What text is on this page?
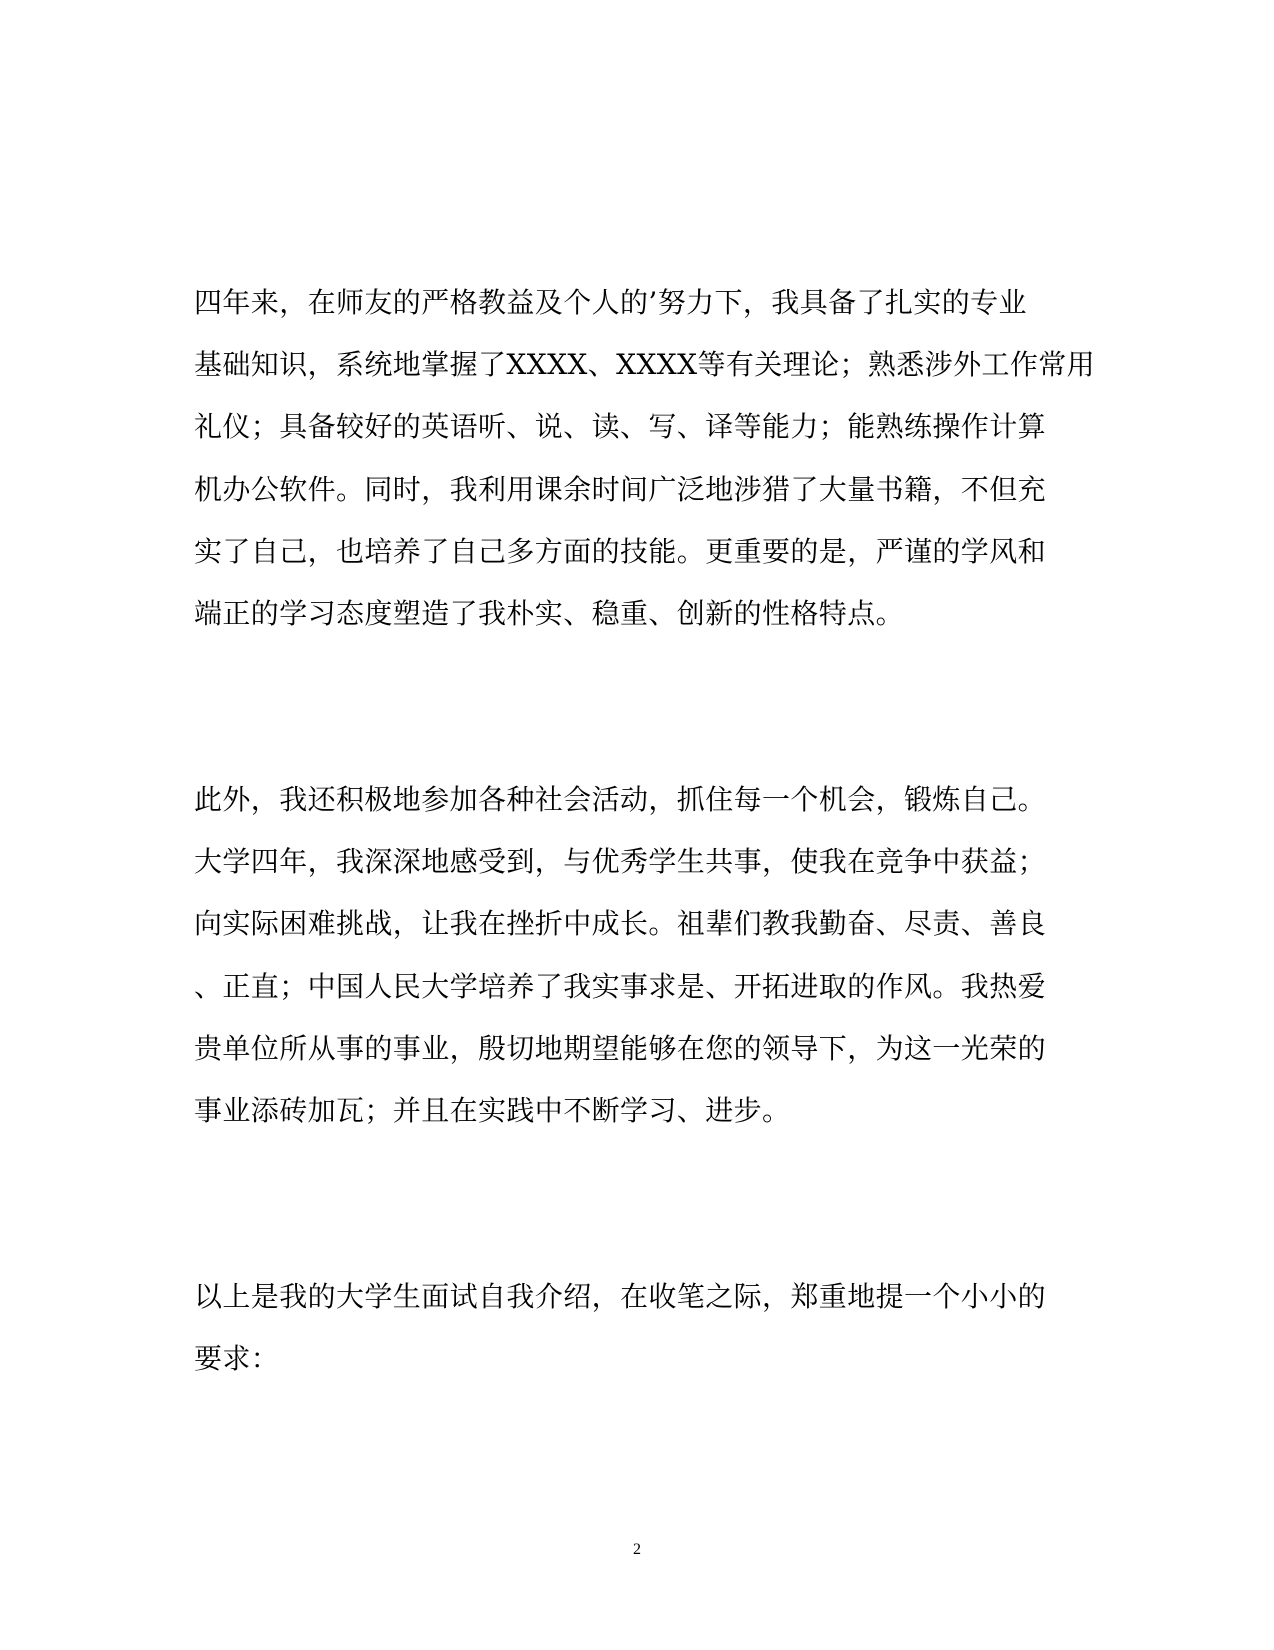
四年来，在师友的严格教益及个人的’努力下，我具备了扎实的专业
基础知识，系统地掌握了XXXX、XXXX等有关理论；熟悉涉外工作常用
礼仪；具备较好的英语听、说、读、写、译等能力；能熟练操作计算
机办公软件。同时，我利用课余时间广泛地涉猎了大量书籍，不但充
实了自己，也培养了自己多方面的技能。更重要的是，严谨的学风和
端正的学习态度塑造了我朴实、稳重、创新的性格特点。
此外，我还积极地参加各种社会活动，抓住每一个机会，锻炼自己。
大学四年，我深深地感受到，与优秀学生共事，使我在竞争中获益；
向实际困难挑战，让我在挫折中成长。祖辈们教我勤奋、尽责、善良
、正直；中国人民大学培养了我实事求是、开拓进取的作风。我热爱
贵单位所从事的事业，殷切地期望能够在您的领导下，为这一光荣的
事业添砖加瓦；并且在实践中不断学习、进步。
以上是我的大学生面试自我介绍，在收笔之际，郑重地提一个小小的
要求：
2
